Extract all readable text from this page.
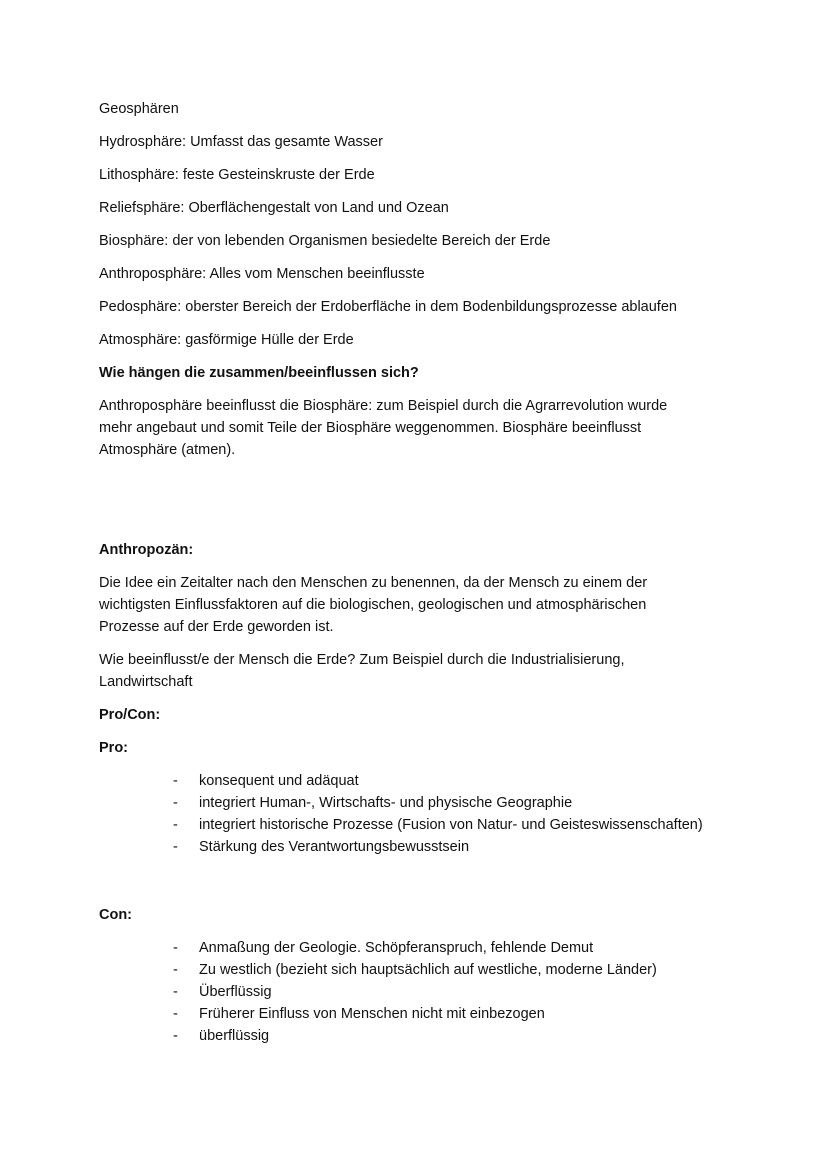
Geosphären

Hydrosphäre: Umfasst das gesamte Wasser

Lithosphäre: feste Gesteinskruste der Erde

Reliefsphäre: Oberflächengestalt von Land und Ozean

Biosphäre: der von lebenden Organismen besiedelte Bereich der Erde

Anthroposphäre: Alles vom Menschen beeinflusste

Pedosphäre: oberster Bereich der Erdoberfläche in dem Bodenbildungsprozesse ablaufen

Atmosphäre: gasförmige Hülle der Erde

Wie hängen die zusammen/beeinflussen sich?

Anthroposphäre beeinflusst die Biosphäre: zum Beispiel durch die Agrarrevolution wurde

mehr angebaut und somit Teile der Biosphäre weggenommen. Biosphäre beeinflusst

Atmosphäre (atmen).

Anthropozän:

Die Idee ein Zeitalter nach den Menschen zu benennen, da der Mensch zu einem der

wichtigsten Einflussfaktoren auf die biologischen, geologischen und atmosphärischen

Prozesse auf der Erde geworden ist.

Wie beeinflusst/e der Mensch die Erde? Zum Beispiel durch die Industrialisierung,

Landwirtschaft

Pro/Con:

Pro:

- konsequent und adäquat
- integriert Human-, Wirtschafts- und physische Geographie
- integriert historische Prozesse (Fusion von Natur- und Geisteswissenschaften)
- Stärkung des Verantwortungsbewusstsein

Con:

- Anmaßung der Geologie. Schöpferanspruch, fehlende Demut
- Zu westlich (bezieht sich hauptsächlich auf westliche, moderne Länder)
- Überflüssig
- Früherer Einfluss von Menschen nicht mit einbezogen
- überflüssig
